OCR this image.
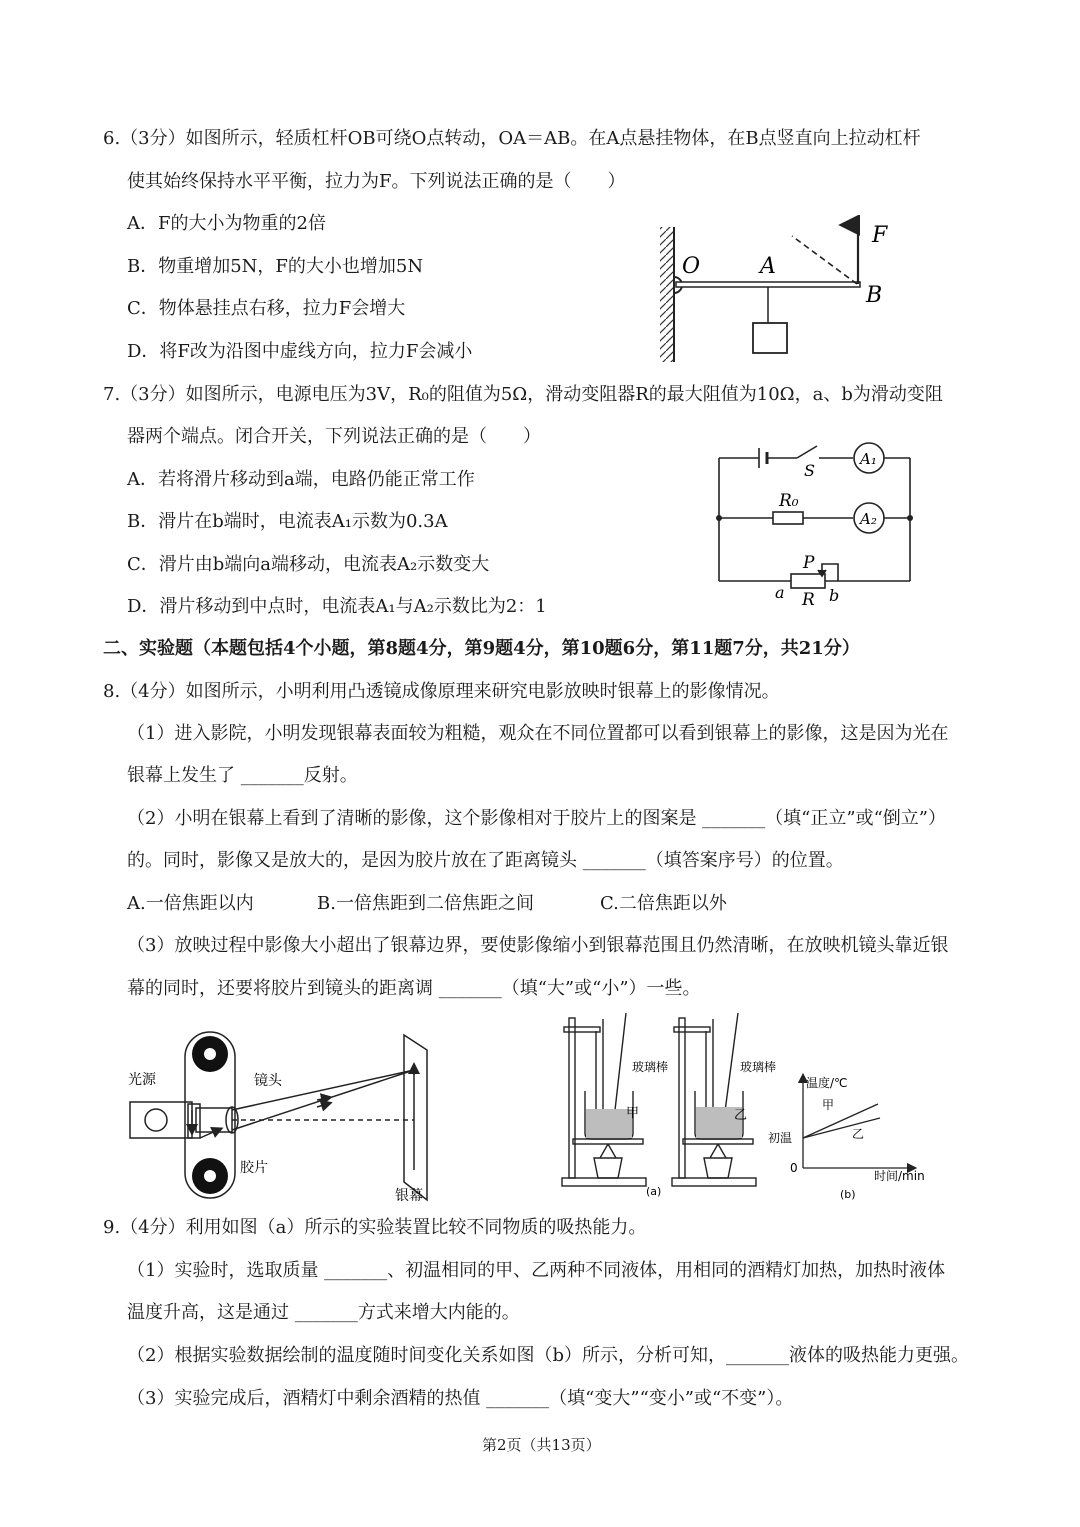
6.（3分）如图所示，轻质杠杆OB可绕O点转动，OA＝AB。在A点悬挂物体，在B点竖直向上拉动杠杆
使其始终保持水平平衡，拉力为F。下列说法正确的是（　　）
A．F的大小为物重的2倍
B．物重增加5N，F的大小也增加5N
C．物体悬挂点右移，拉力F会增大
D．将F改为沿图中虚线方向，拉力F会减小
O	A
B
F
7.（3分）如图所示，电源电压为3V，R₀的阻值为5Ω，滑动变阻器R的最大阻值为10Ω，a、b为滑动变阻
器两个端点。闭合开关，下列说法正确的是（　　）
A．若将滑片移动到a端，电路仍能正常工作
B．滑片在b端时，电流表A₁示数为0.3A
C．滑片由b端向a端移动，电流表A₂示数变大
D．滑片移动到中点时，电流表A₁与A₂示数比为2：1
S
A₁
R₀
A₂
P
a R b
二、实验题（本题包括4个小题，第8题4分，第9题4分，第10题6分，第11题7分，共21分）
8.（4分）如图所示，小明利用凸透镜成像原理来研究电影放映时银幕上的影像情况。
（1）进入影院，小明发现银幕表面较为粗糙，观众在不同位置都可以看到银幕上的影像，这是因为光在
银幕上发生了 _______反射。
（2）小明在银幕上看到了清晰的影像，这个影像相对于胶片上的图案是 _______（填“正立”或“倒立”）
的。同时，影像又是放大的，是因为胶片放在了距离镜头 _______（填答案序号）的位置。
A.一倍焦距以内	B.一倍焦距到二倍焦距之间	C.二倍焦距以外
（3）放映过程中影像大小超出了银幕边界，要使影像缩小到银幕范围且仍然清晰，在放映机镜头靠近银
幕的同时，还要将胶片到镜头的距离调 _______（填“大”或“小”）一些。
光源	镜头
胶片
银幕
玻璃棒
甲
玻璃棒
乙
(a)
温度/℃
甲
乙
初温
0
时间/min
(b)
9.（4分）利用如图（a）所示的实验装置比较不同物质的吸热能力。
（1）实验时，选取质量 _______、初温相同的甲、乙两种不同液体，用相同的酒精灯加热，加热时液体
温度升高，这是通过 _______方式来增大内能的。
（2）根据实验数据绘制的温度随时间变化关系如图（b）所示，分析可知，_______液体的吸热能力更强。
（3）实验完成后，酒精灯中剩余酒精的热值 _______（填“变大”“变小”或“不变”）。
第2页（共13页）
